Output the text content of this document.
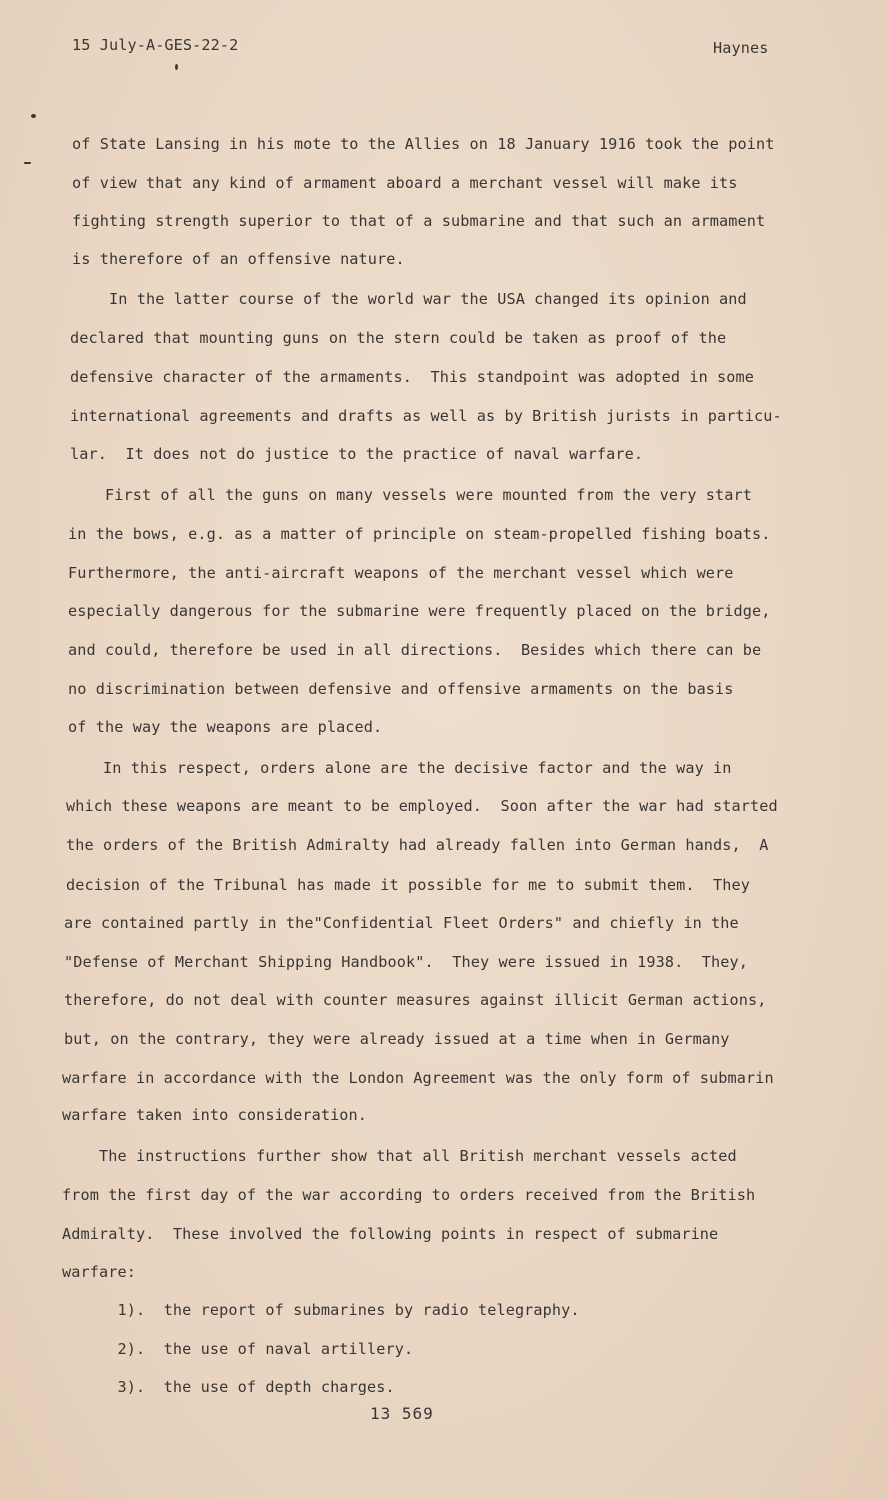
15 July-A-GES-22-2	Haynes
of State Lansing in his mote to the Allies on 18 January 1916 took the point
of view that any kind of armament aboard a merchant vessel will make its
fighting strength superior to that of a submarine and that such an armament
is therefore of an offensive nature.
In the latter course of the world war the USA changed its opinion and
declared that mounting guns on the stern could be taken as proof of the
defensive character of the armaments.  This standpoint was adopted in some
international agreements and drafts as well as by British jurists in particu-
lar.  It does not do justice to the practice of naval warfare.
First of all the guns on many vessels were mounted from the very start
in the bows, e.g. as a matter of principle on steam-propelled fishing boats.
Furthermore, the anti-aircraft weapons of the merchant vessel which were
especially dangerous for the submarine were frequently placed on the bridge,
and could, therefore be used in all directions.  Besides which there can be
no discrimination between defensive and offensive armaments on the basis
of the way the weapons are placed.
In this respect, orders alone are the decisive factor and the way in
which these weapons are meant to be employed.  Soon after the war had started
the orders of the British Admiralty had already fallen into German hands,  A
decision of the Tribunal has made it possible for me to submit them.  They
are contained partly in the"Confidential Fleet Orders" and chiefly in the
"Defense of Merchant Shipping Handbook".  They were issued in 1938.  They,
therefore, do not deal with counter measures against illicit German actions,
but, on the contrary, they were already issued at a time when in Germany
warfare in accordance with the London Agreement was the only form of submarin
warfare taken into consideration.
The instructions further show that all British merchant vessels acted
from the first day of the war according to orders received from the British
Admiralty.  These involved the following points in respect of submarine
warfare:
1).  the report of submarines by radio telegraphy.
2).  the use of naval artillery.
3).  the use of depth charges.
13 569
